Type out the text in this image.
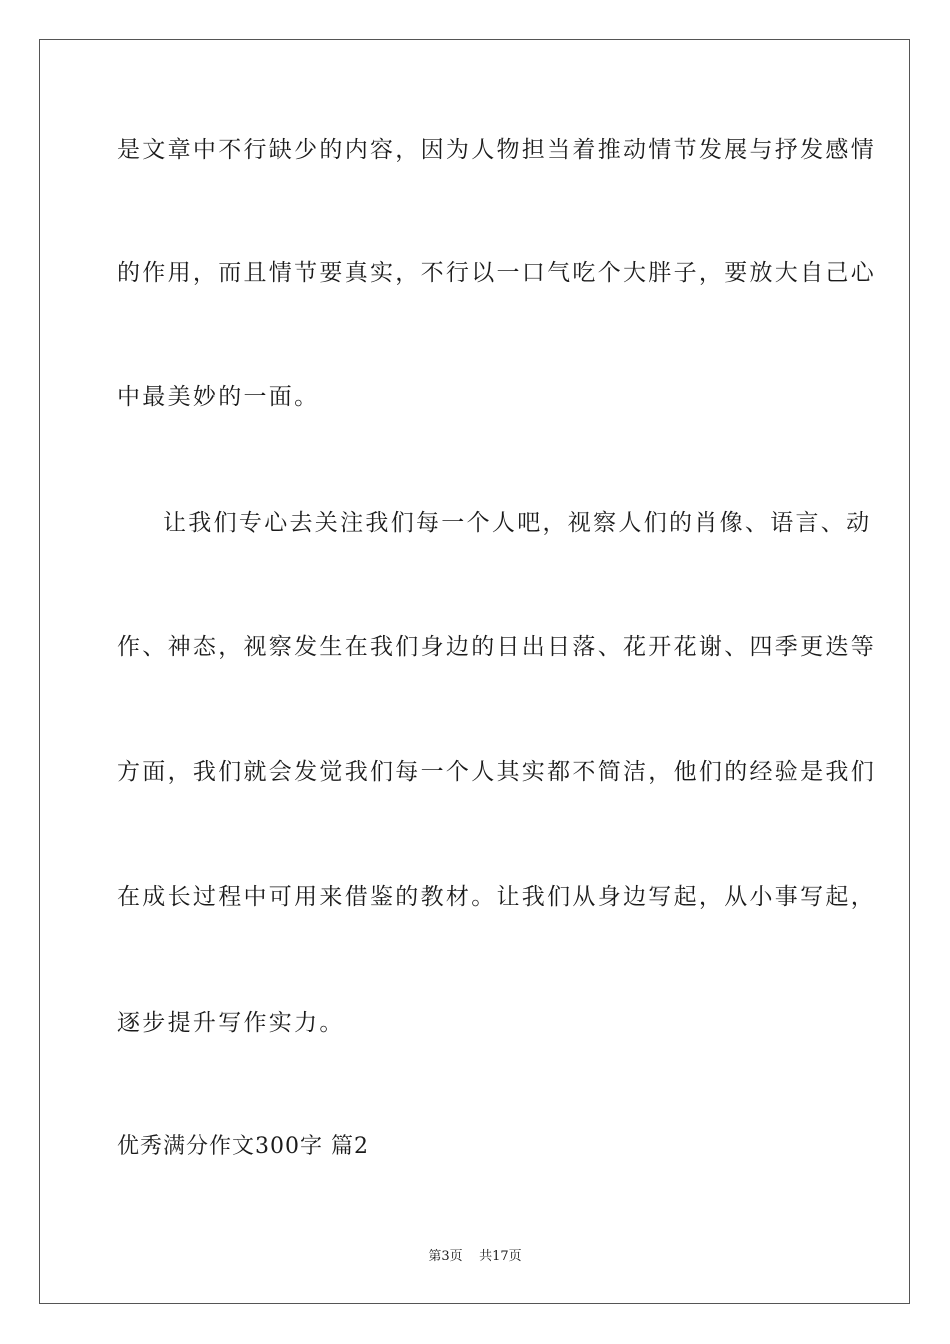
是文章中不行缺少的内容，因为人物担当着推动情节发展与抒发感情
的作用，而且情节要真实，不行以一口气吃个大胖子，要放大自己心
中最美妙的一面。
让我们专心去关注我们每一个人吧，视察人们的肖像、语言、动
作、神态，视察发生在我们身边的日出日落、花开花谢、四季更迭等
方面，我们就会发觉我们每一个人其实都不简洁，他们的经验是我们
在成长过程中可用来借鉴的教材。让我们从身边写起，从小事写起，
逐步提升写作实力。
优秀满分作文300字 篇2
第3页    共17页
